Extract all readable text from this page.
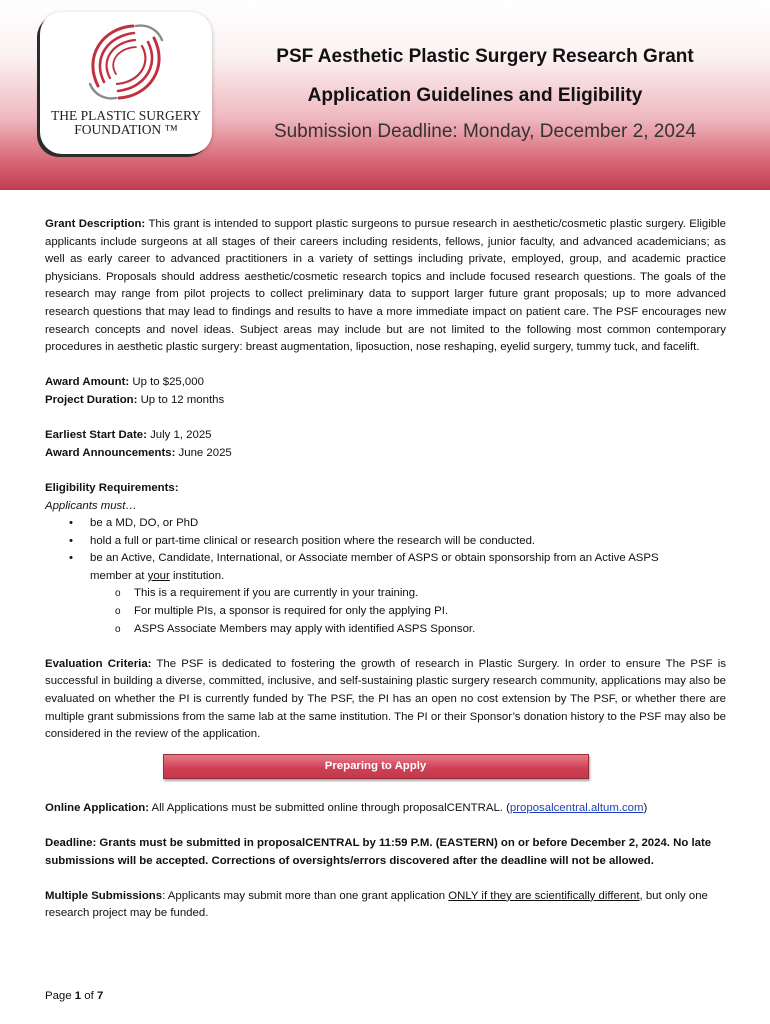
THE PLASTIC SURGERY
FOUNDATION ™
PSF Aesthetic Plastic Surgery Research Grant
Application Guidelines and Eligibility
Submission Deadline: Monday, December 2, 2024

Grant Description: This grant is intended to support plastic surgeons to pursue research in aesthetic/cosmetic plastic surgery. Eligible applicants include surgeons at all stages of their careers including residents, fellows, junior faculty, and advanced academicians; as well as early career to advanced practitioners in a variety of settings including private, employed, group, and academic practice physicians. Proposals should address aesthetic/cosmetic research topics and include focused research questions. The goals of the research may range from pilot projects to collect preliminary data to support larger future grant proposals; up to more advanced research questions that may lead to findings and results to have a more immediate impact on patient care. The PSF encourages new research concepts and novel ideas. Subject areas may include but are not limited to the following most common contemporary procedures in aesthetic plastic surgery: breast augmentation, liposuction, nose reshaping, eyelid surgery, tummy tuck, and facelift.

Award Amount: Up to $25,000

Project Duration: Up to 12 months

Earliest Start Date: July 1, 2025

Award Announcements: June 2025

Eligibility Requirements:

Applicants must…

• be a MD, DO, or PhD
• hold a full or part-time clinical or research position where the research will be conducted.
• be an Active, Candidate, International, or Associate member of ASPS or obtain sponsorship from an Active ASPS member at your institution.
o This is a requirement if you are currently in your training.
o For multiple PIs, a sponsor is required for only the applying PI.
o ASPS Associate Members may apply with identified ASPS Sponsor.

Evaluation Criteria: The PSF is dedicated to fostering the growth of research in Plastic Surgery. In order to ensure The PSF is successful in building a diverse, committed, inclusive, and self-sustaining plastic surgery research community, applications may also be evaluated on whether the PI is currently funded by The PSF, the PI has an open no cost extension by The PSF, or whether there are multiple grant submissions from the same lab at the same institution. The PI or their Sponsor’s donation history to the PSF may also be considered in the review of the application.

Preparing to Apply

Online Application: All Applications must be submitted online through proposalCENTRAL. (proposalcentral.altum.com)

Deadline: Grants must be submitted in proposalCENTRAL by 11:59 P.M. (EASTERN) on or before December 2, 2024. No late submissions will be accepted. Corrections of oversights/errors discovered after the deadline will not be allowed.

Multiple Submissions: Applicants may submit more than one grant application ONLY if they are scientifically different, but only one research project may be funded.

Page 1 of 7
